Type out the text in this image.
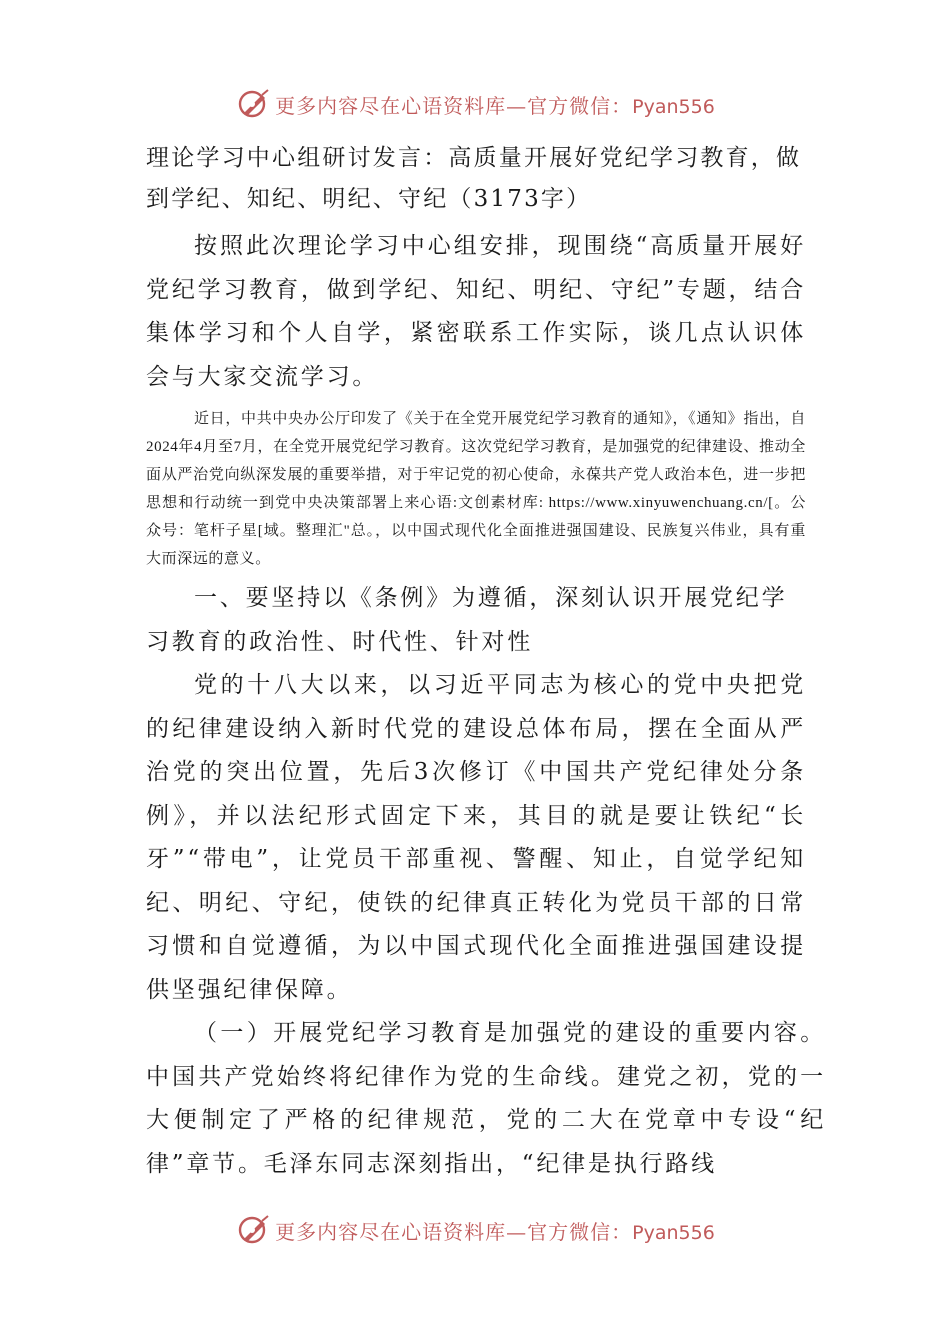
更多内容尽在心语资料库—官方微信：Pyan556
理论学习中心组研讨发言：高质量开展好党纪学习教育，做到学纪、知纪、明纪、守纪（3173字）

按照此次理论学习中心组安排，现围绕“高质量开展好党纪学习教育，做到学纪、知纪、明纪、守纪”专题，结合集体学习和个人自学，紧密联系工作实际，谈几点认识体会与大家交流学习。

近日，中共中央办公厅印发了《关于在全党开展党纪学习教育的通知》，《通知》指出，自2024年4月至7月，在全党开展党纪学习教育。这次党纪学习教育，是加强党的纪律建设、推动全面从严治党向纵深发展的重要举措，对于牢记党的初心使命，永葆共产党人政治本色，进一步把思想和行动统一到党中央决策部署上来心语:文创素材库: https://www.xinyuwenchuang.cn/[。公众号：笔杆子星[域。整理汇"总。，以中国式现代化全面推进强国建设、民族复兴伟业，具有重大而深远的意义。

一、要坚持以《条例》为遵循，深刻认识开展党纪学习教育的政治性、时代性、针对性

党的十八大以来，以习近平同志为核心的党中央把党的纪律建设纳入新时代党的建设总体布局，摆在全面从严治党的突出位置，先后3次修订《中国共产党纪律处分条例》，并以法纪形式固定下来，其目的就是要让铁纪“长牙”“带电”，让党员干部重视、警醒、知止，自觉学纪知纪、明纪、守纪，使铁的纪律真正转化为党员干部的日常习惯和自觉遵循，为以中国式现代化全面推进强国建设提供坚强纪律保障。

（一）开展党纪学习教育是加强党的建设的重要内容。中国共产党始终将纪律作为党的生命线。建党之初，党的一大便制定了严格的纪律规范，党的二大在党章中专设“纪律”章节。毛泽东同志深刻指出，“纪律是执行路线

更多内容尽在心语资料库—官方微信：Pyan556
